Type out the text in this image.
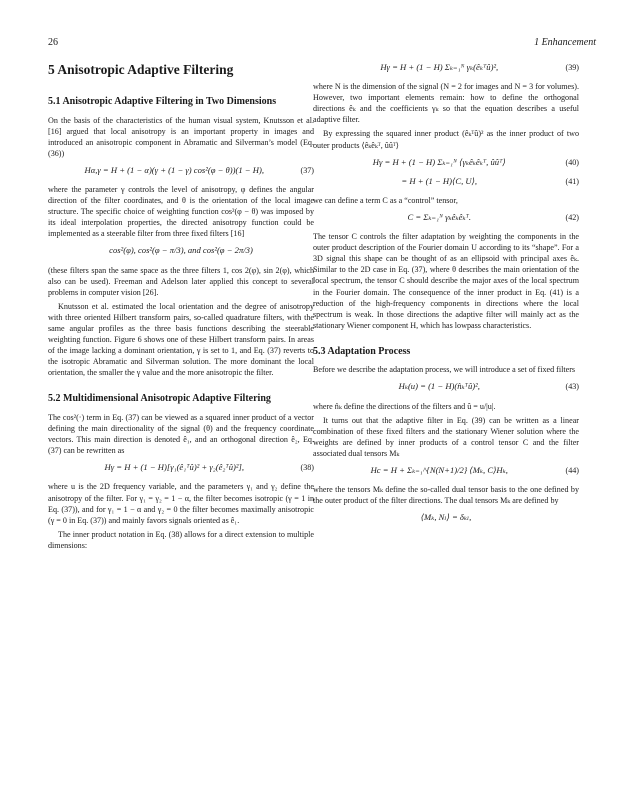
26	1 Enhancement
5 Anisotropic Adaptive Filtering
5.1 Anisotropic Adaptive Filtering in Two Dimensions

On the basis of the characteristics of the human visual system, Knutsson et al. [16] argued that local anisotropy is an important property in images and introduced an anisotropic component in Abramatic and Silverman’s model (Eq. (36))

Hα,γ = H + (1 − α)(γ + (1 − γ) cos²(φ − θ))(1 − H),	(37)

where the parameter γ controls the level of anisotropy, φ defines the angular direction of the filter coordinates, and θ is the orientation of the local image structure. The specific choice of weighting function cos²(φ − θ) was imposed by its ideal interpolation properties, the directed anisotropy function could be implemented as a steerable filter from three fixed filters [16]

cos²(φ), cos²(φ − π/3), and cos²(φ − 2π/3)

(these filters span the same space as the three filters 1, cos 2(φ), sin 2(φ), which also can be used). Freeman and Adelson later applied this concept to several problems in computer vision [26].

Knutsson et al. estimated the local orientation and the degree of anisotropy with three oriented Hilbert transform pairs, so-called quadrature filters, with the same angular profiles as the three basis functions describing the steerable weighting function. Figure 6 shows one of these Hilbert transform pairs. In areas of the image lacking a dominant orientation, γ is set to 1, and Eq. (37) reverts to the isotropic Abramatic and Silverman solution. The more dominant the local orientation, the smaller the γ value and the more anisotropic the filter.

5.2 Multidimensional Anisotropic Adaptive Filtering

The cos²(·) term in Eq. (37) can be viewed as a squared inner product of a vector defining the main directionality of the signal (θ) and the frequency coordinate vectors. This main direction is denoted ê₁, and an orthogonal direction ê₂, Eq. (37) can be rewritten as

Hγ = H + (1 − H)[γ₁(ê₁ᵀû)² + γ₂(ê₂ᵀû)²],	(38)

where u is the 2D frequency variable, and the parameters γ₁ and γ₂ define the anisotropy of the filter. For γ₁ = γ₂ = 1 − α, the filter becomes isotropic (γ = 1 in Eq. (37)), and for γ₁ = 1 − α and γ₂ = 0 the filter becomes maximally anisotropic (γ = 0 in Eq. (37)) and mainly favors signals oriented as ê₁.

The inner product notation in Eq. (38) allows for a direct extension to multiple dimensions:

Hγ = H + (1 − H) Σₖ₌₁ᴺ γₖ(êₖᵀû)²,	(39)

where N is the dimension of the signal (N = 2 for images and N = 3 for volumes). However, two important elements remain: how to define the orthogonal directions êₖ and the coefficients γₖ so that the equation describes a useful adaptive filter.

By expressing the squared inner product (êₖᵀû)² as the inner product of two outer products ⟨êₖêₖᵀ, ûûᵀ⟩

Hγ = H + (1 − H) Σₖ₌₁ᴺ ⟨γₖêₖêₖᵀ, ûûᵀ⟩	(40)
= H + (1 − H)⟨C, U⟩,	(41)

we can define a term C as a “control” tensor,

C = Σₖ₌₁ᴺ γₖêₖêₖᵀ.	(42)

The tensor C controls the filter adaptation by weighting the components in the outer product description of the Fourier domain U according to its “shape”. For a 3D signal this shape can be thought of as an ellipsoid with principal axes êₖ. Similar to the 2D case in Eq. (37), where θ describes the main orientation of the local spectrum, the tensor C should describe the major axes of the local spectrum in the Fourier domain. The consequence of the inner product in Eq. (41) is a reduction of the high-frequency components in directions where the local spectrum is weak. In those directions the adaptive filter will mainly act as the stationary Wiener component H, which has lowpass characteristics.

5.3 Adaptation Process

Before we describe the adaptation process, we will introduce a set of fixed filters

Hₖ(u) = (1 − H)(n̂ₖᵀû)²,	(43)

where n̂ₖ define the directions of the filters and û = u/|u|.

It turns out that the adaptive filter in Eq. (39) can be written as a linear combination of these fixed filters and the stationary Wiener solution where the weights are defined by inner products of a control tensor C and the filter associated dual tensors Mₖ

Hc = H + Σₖ₌₁^{N(N+1)/2} ⟨Mₖ, C⟩Hₖ,	(44)

where the tensors Mₖ define the so-called dual tensor basis to the one defined by the outer product of the filter directions. The dual tensors Mₖ are defined by

⟨Mₖ, Nₗ⟩ = δₖₗ,
